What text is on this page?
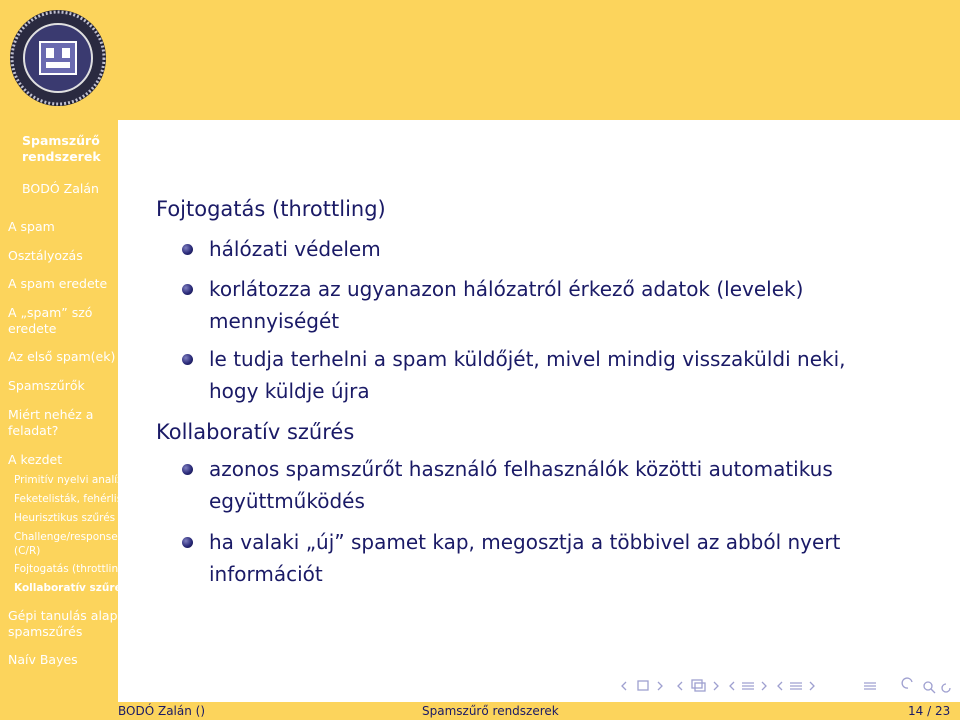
Spamszűrő
rendszerek
BODÓ Zalán
A spam
Osztályozás
A spam eredete
A „spam” szó
eredete
Az első spam(ek)
Spamszűrők
Miért nehéz a
feladat?
A kezdet
Primitív nyelvi analízis
Feketelisták, fehérlisták
Heurisztikus szűrés
Challenge/response
(C/R)
Fojtogatás (throttling)
Kollaboratív szűrés
Gépi tanulás alapú
spamszűrés
Naív Bayes
Fojtogatás (throttling)
hálózati védelem
korlátozza az ugyanazon hálózatról érkező adatok (levelek)
mennyiségét
le tudja terhelni a spam küldőjét, mivel mindig visszaküldi neki,
hogy küldje újra
Kollaboratív szűrés
azonos spamszűrőt használó felhasználók közötti automatikus
együttműködés
ha valaki „új” spamet kap, megosztja a többivel az abból nyert
információt
BODÓ Zalán ()	Spamszűrő rendszerek	14 / 23
